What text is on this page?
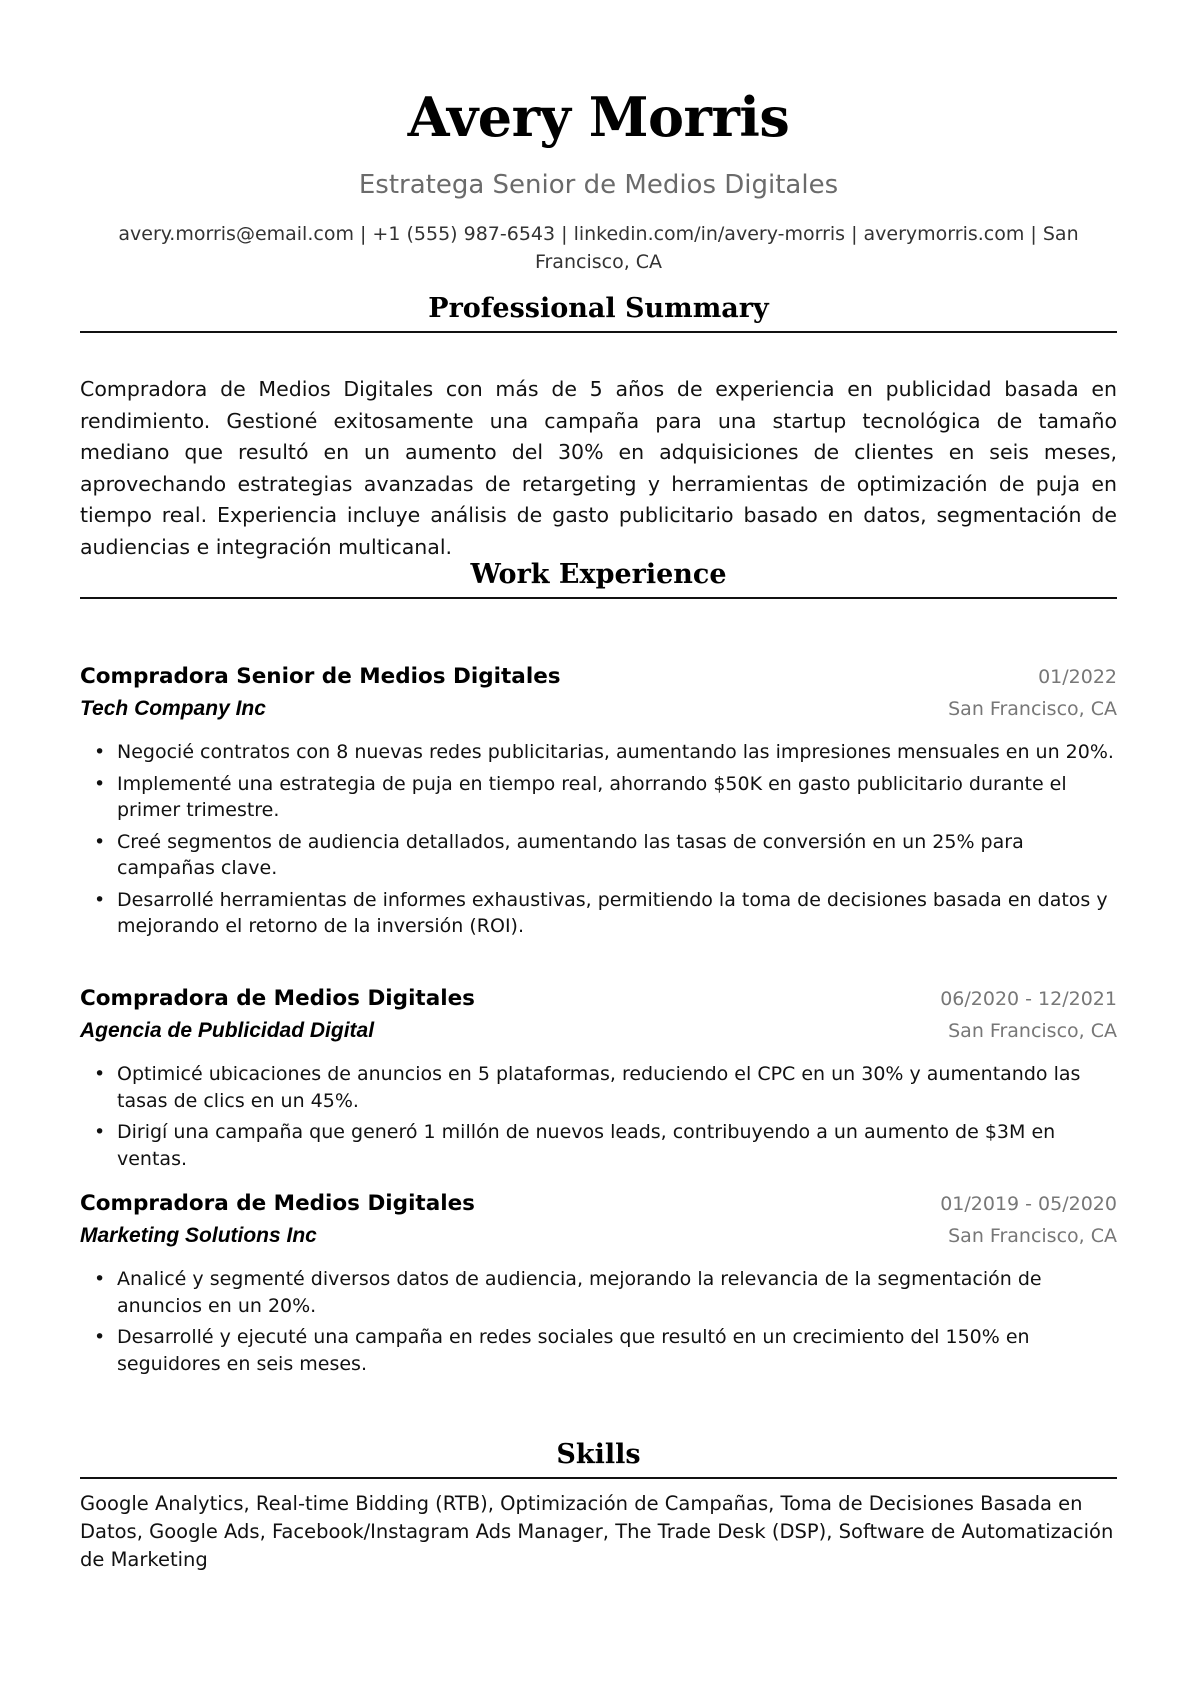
Avery Morris
Estratega Senior de Medios Digitales
avery.morris@email.com | +1 (555) 987-6543 | linkedin.com/in/avery-morris | averymorris.com | San Francisco, CA
Professional Summary
Compradora de Medios Digitales con más de 5 años de experiencia en publicidad basada en rendimiento. Gestioné exitosamente una campaña para una startup tecnológica de tamaño mediano que resultó en un aumento del 30% en adquisiciones de clientes en seis meses, aprovechando estrategias avanzadas de retargeting y herramientas de optimización de puja en tiempo real. Experiencia incluye análisis de gasto publicitario basado en datos, segmentación de audiencias e integración multicanal.
Work Experience
Compradora Senior de Medios Digitales	01/2022
Tech Company Inc	San Francisco, CA
• Negocié contratos con 8 nuevas redes publicitarias, aumentando las impresiones mensuales en un 20%.
• Implementé una estrategia de puja en tiempo real, ahorrando $50K en gasto publicitario durante el primer trimestre.
• Creé segmentos de audiencia detallados, aumentando las tasas de conversión en un 25% para campañas clave.
• Desarrollé herramientas de informes exhaustivas, permitiendo la toma de decisiones basada en datos y mejorando el retorno de la inversión (ROI).
Compradora de Medios Digitales	06/2020 - 12/2021
Agencia de Publicidad Digital	San Francisco, CA
• Optimicé ubicaciones de anuncios en 5 plataformas, reduciendo el CPC en un 30% y aumentando las tasas de clics en un 45%.
• Dirigí una campaña que generó 1 millón de nuevos leads, contribuyendo a un aumento de $3M en ventas.
Compradora de Medios Digitales	01/2019 - 05/2020
Marketing Solutions Inc	San Francisco, CA
• Analicé y segmenté diversos datos de audiencia, mejorando la relevancia de la segmentación de anuncios en un 20%.
• Desarrollé y ejecuté una campaña en redes sociales que resultó en un crecimiento del 150% en seguidores en seis meses.
Skills
Google Analytics, Real-time Bidding (RTB), Optimización de Campañas, Toma de Decisiones Basada en Datos, Google Ads, Facebook/Instagram Ads Manager, The Trade Desk (DSP), Software de Automatización de Marketing
